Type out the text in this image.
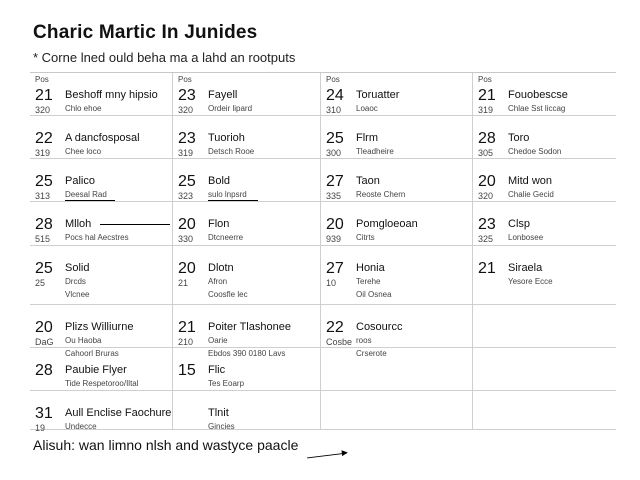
Charic Martic In Junides
* Corne lned ould beha ma a lahd an rootputs
Pos
21
320
Beshoff mny hipsio
Chlo ehoe
Pos
23
320
Fayell
Ordeir lipard
Pos
24
310
Toruatter
Loaoc
Pos
21
319
Fouobescse
Chlae Sst liccag
22
319
A dancfosposal
Chee loco
23
319
Tuorioh
Detsch Rooe
25
300
Flrm
Tleadheire
28
305
Toro
Chedoe Sodon
25
313
Palico
Deesal Rad
25
323
Bold
sulo lnpsrd
27
335
Taon
Reoste Chern
20
320
Mitd won
Chalie Gecid
28
515
Mlloh
Pocs hal Aecstres
20
330
Flon
Dtcneerre
20
939
Pomgloeoan
Citrts
23
325
Clsp
Lonbosee
25
25
Solid
Drcds
Vlcnee
20
21
Dlotn
Afron
Coosfle lec
27
10
Honia
Terehe
Oil Osnea
21 Siraela
Yesore Ecce
20
DaG
Plizs Williurne
Ou Haoba
Cahoorl Bruras
21
210
Poiter Tlashonee
Oarie
Ebdos 390 0180 Lavs
22
Cosbe
Cosourcc
roos
Crserote
28 Paubie Flyer
Tide Respetoroo/Iltal
15 Flic
Tes Eoarp
31
19
Aull Enclise Faochure
Undecce
Tlnit
Gincies
Alisuh: wan limno nlsh and wastyce paacle
